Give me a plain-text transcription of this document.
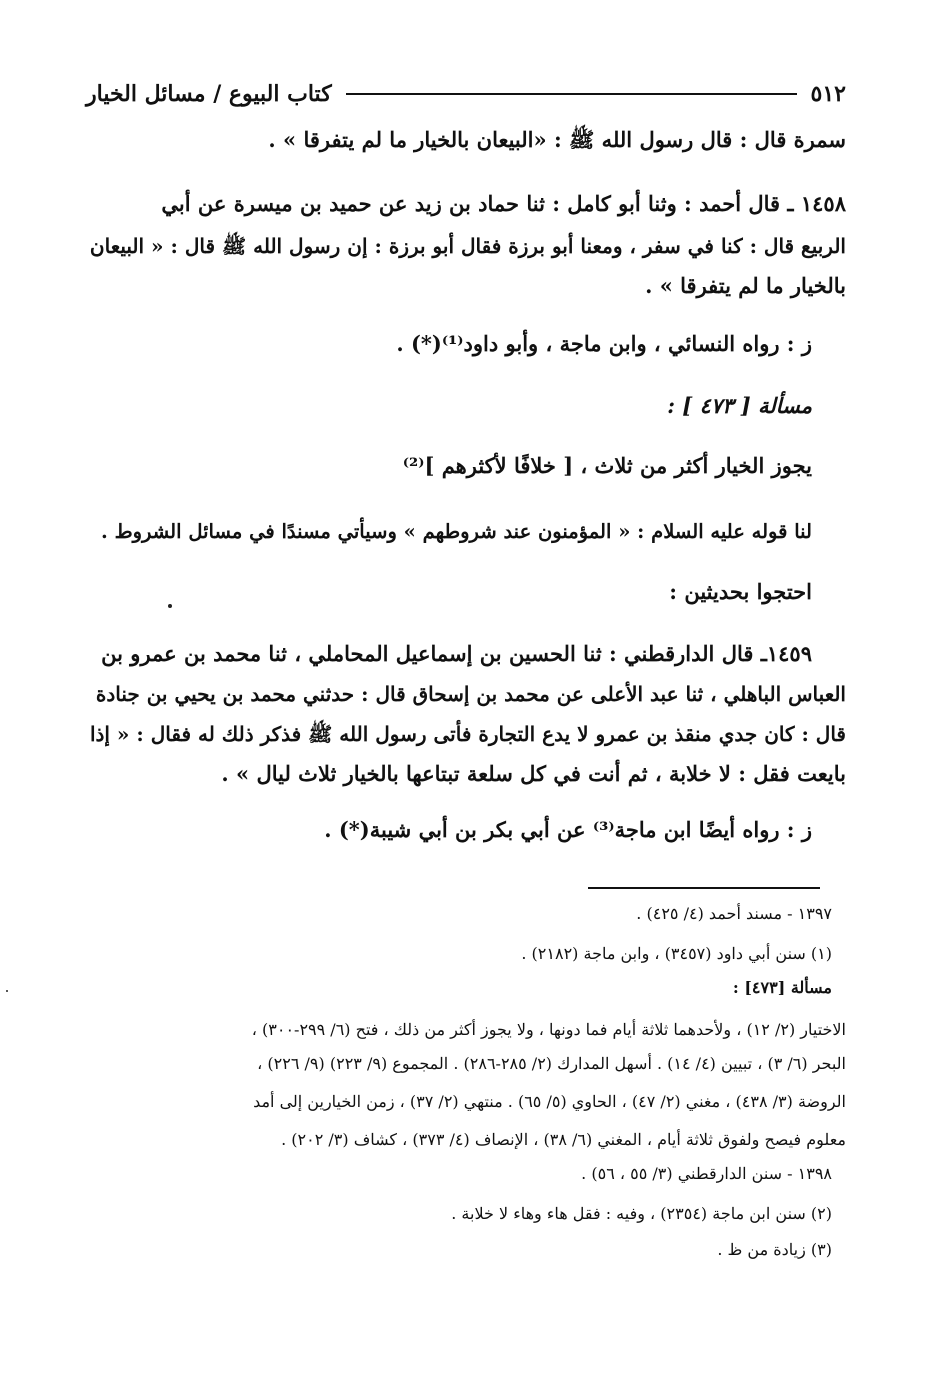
٥١٢
كتاب البيوع / مسائل الخيار
سمرة قال : قال رسول الله ﷺ : «البيعان بالخيار ما لم يتفرقا » .
١٤٥٨ ـ قال أحمد : وثنا أبو كامل : ثنا حماد بن زيد عن حميد بن ميسرة عن أبي
الربيع قال : كنا في سفر ، ومعنا أبو برزة فقال أبو برزة : إن رسول الله ﷺ قال : « البيعان
بالخيار ما لم يتفرقا » .
ز : رواه النسائي ، وابن ماجة ، وأبو داود⁽¹⁾(*) .
مسألة [ ٤٧٣ ] :
يجوز الخيار أكثر من ثلاث ، [ خلافًا لأكثرهم ]⁽²⁾
لنا قوله عليه السلام : « المؤمنون عند شروطهم » وسيأتي مسندًا في مسائل الشروط .
احتجوا بحديثين :
١٤٥٩ـ قال الدارقطني : ثنا الحسين بن إسماعيل المحاملي ، ثنا محمد بن عمرو بن
العباس الباهلي ، ثنا عبد الأعلى عن محمد بن إسحاق قال : حدثني محمد بن يحيي بن جنادة
قال : كان جدي منقذ بن عمرو لا يدع التجارة فأتى رسول الله ﷺ فذكر ذلك له فقال : « إذا
بايعت فقل : لا خلابة ، ثم أنت في كل سلعة تبتاعها بالخيار ثلاث ليال » .
ز : رواه أيضًا ابن ماجة⁽³⁾ عن أبي بكر بن أبي شيبة(*) .
١٣٩٧ - مسند أحمد (٤/ ٤٢٥) .
(١) سنن أبي داود (٣٤٥٧) ، وابن ماجة (٢١٨٢) .
مسألة [٤٧٣] :
الاختيار (٢/ ١٢) ، ولأحدهما ثلاثة أيام فما دونها ، ولا يجوز أكثر من ذلك ، فتح (٦/ ٢٩٩-٣٠٠) ،
البحر (٦/ ٣) ، تبيين (٤/ ١٤) . أسهل المدارك (٢/ ٢٨٥-٢٨٦) . المجموع (٩/ ٢٢٣) (٩/ ٢٢٦) ،
الروضة (٣/ ٤٣٨) ، مغني (٢/ ٤٧) ، الحاوي (٥/ ٦٥) . منتهي (٢/ ٣٧) ، زمن الخيارين إلى أمد
معلوم فيصح ولفوق ثلاثة أيام ، المغني (٦/ ٣٨) ، الإنصاف (٤/ ٣٧٣) ، كشاف (٣/ ٢٠٢) .
١٣٩٨ - سنن الدارقطني (٣/ ٥٥ ، ٥٦) .
(٢) سنن ابن ماجة (٢٣٥٤) ، وفيه : فقل هاء وهاء لا خلابة .
(٣) زيادة من ظ .
